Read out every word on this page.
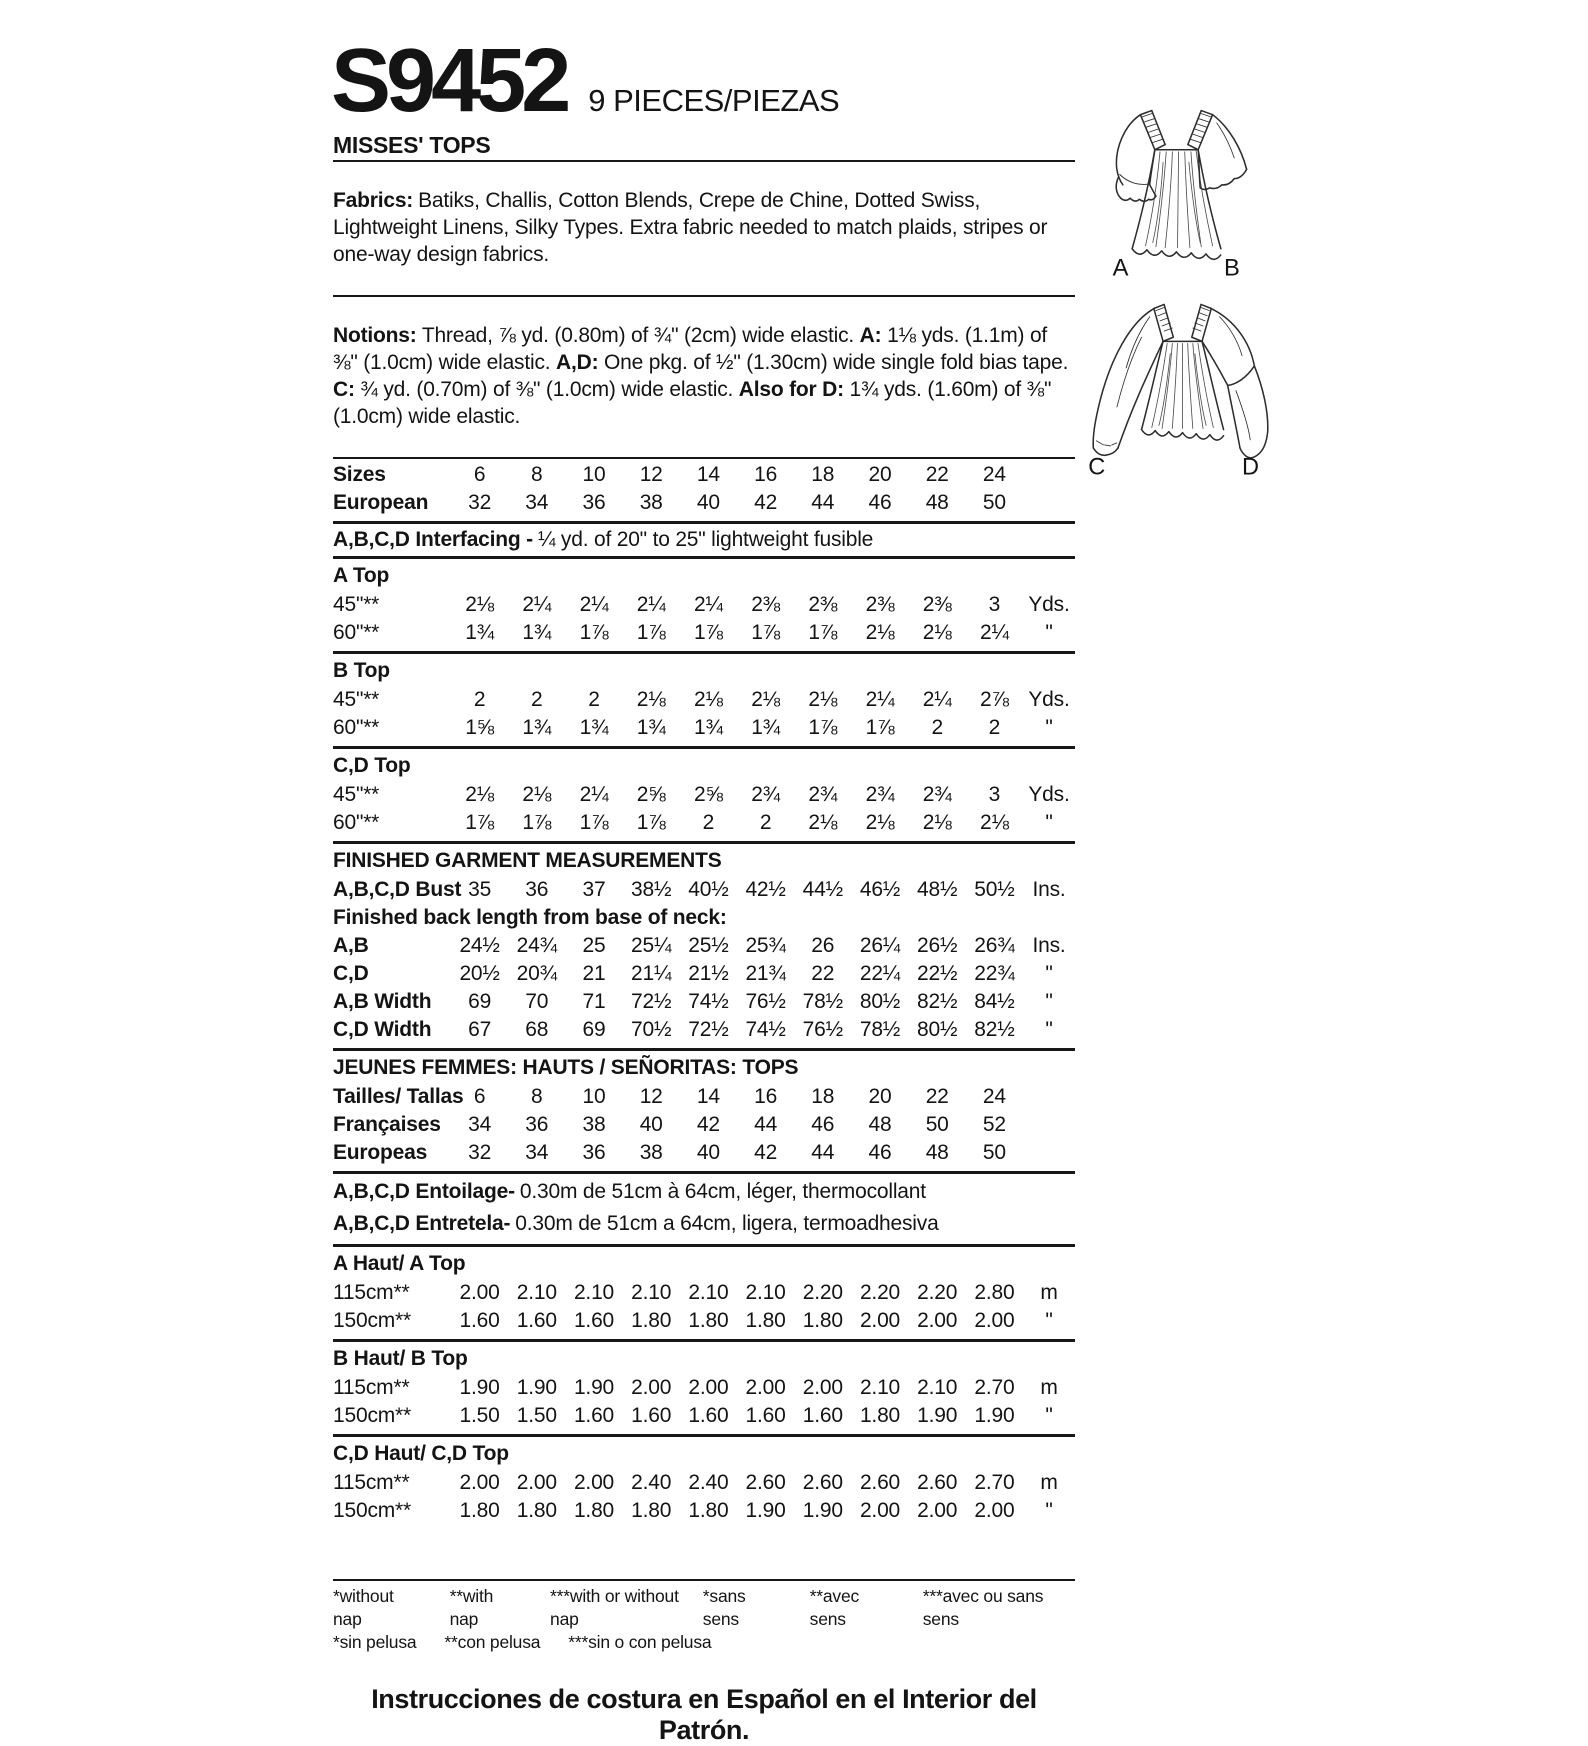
S9452 9 PIECES/PIEZAS
A	B
C	D
MISSES' TOPS

Fabrics: Batiks, Challis, Cotton Blends, Crepe de Chine, Dotted Swiss, Lightweight Linens, Silky Types. Extra fabric needed to match plaids, stripes or one-way design fabrics.

Notions: Thread, ⅞ yd. (0.80m) of ¾" (2cm) wide elastic. A: 1⅛ yds. (1.1m) of ⅜" (1.0cm) wide elastic. A,D: One pkg. of ½" (1.30cm) wide single fold bias tape. C: ¾ yd. (0.70m) of ⅜" (1.0cm) wide elastic. Also for D: 1¾ yds. (1.60m) of ⅜" (1.0cm) wide elastic.

Sizes	6	8	10	12	14	16	18	20	22	24
European	32	34	36	38	40	42	44	46	48	50
A,B,C,D Interfacing - ¼ yd. of 20" to 25" lightweight fusible
A Top
45"**	2⅛	2¼	2¼	2¼	2¼	2⅜	2⅜	2⅜	2⅜	3	Yds.
60"**	1¾	1¾	1⅞	1⅞	1⅞	1⅞	1⅞	2⅛	2⅛	2¼	"
B Top
45"**	2	2	2	2⅛	2⅛	2⅛	2⅛	2¼	2¼	2⅞ Yds.
60"**	1⅝	1¾	1¾	1¾	1¾	1¾	1⅞	1⅞	2	2	"
C,D Top
45"**	2⅛	2⅛	2¼	2⅝	2⅝	2¾	2¾	2¾	2¾	3	Yds.
60"**	1⅞	1⅞	1⅞	1⅞	2	2	2⅛	2⅛	2⅛	2⅛	"
FINISHED GARMENT MEASUREMENTS
A,B,C,D Bust 35	36	37	38½ 40½ 42½ 44½ 46½ 48½ 50½ Ins.
Finished back length from base of neck:
A,B	24½ 24¾	25	25¼ 25½ 25¾	26	26¼ 26½ 26¾ Ins.
C,D	20½ 20¾	21	21¼ 21½ 21¾	22	22¼ 22½ 22¾	"
A,B Width	69	70	71	72½ 74½ 76½ 78½ 80½ 82½ 84½	"
C,D Width	67	68	69	70½ 72½ 74½ 76½ 78½ 80½ 82½	"
JEUNES FEMMES: HAUTS / SEÑORITAS: TOPS
Tailles/ Tallas 6	8	10	12	14	16	18	20	22	24
Françaises	34	36	38	40	42	44	46	48	50	52
Europeas	32	34	36	38	40	42	44	46	48	50
A,B,C,D Entoilage- 0.30m de 51cm à 64cm, léger, thermocollant
A,B,C,D Entretela- 0.30m de 51cm a 64cm, ligera, termoadhesiva
A Haut/ A Top
115cm**	2.00 2.10 2.10 2.10 2.10 2.10 2.20 2.20 2.20 2.80	m
150cm**	1.60 1.60 1.60 1.80 1.80 1.80 1.80 2.00 2.00 2.00	"
B Haut/ B Top
115cm**	1.90 1.90 1.90 2.00 2.00 2.00 2.00 2.10 2.10 2.70	m
150cm**	1.50 1.50 1.60 1.60 1.60 1.60 1.60 1.80 1.90 1.90	"
C,D Haut/ C,D Top
115cm**	2.00 2.00 2.00 2.40 2.40 2.60 2.60 2.60 2.60 2.70	m
150cm**	1.80 1.80 1.80 1.80 1.80 1.90 1.90 2.00 2.00 2.00	"
*without nap
**with nap
***with or without nap
*sans sens
**avec sens
***avec ou sans sens
*sin pelusa **con pelusa ***sin o con pelusa
Instrucciones de costura en Español en el Interior del Patrón.
